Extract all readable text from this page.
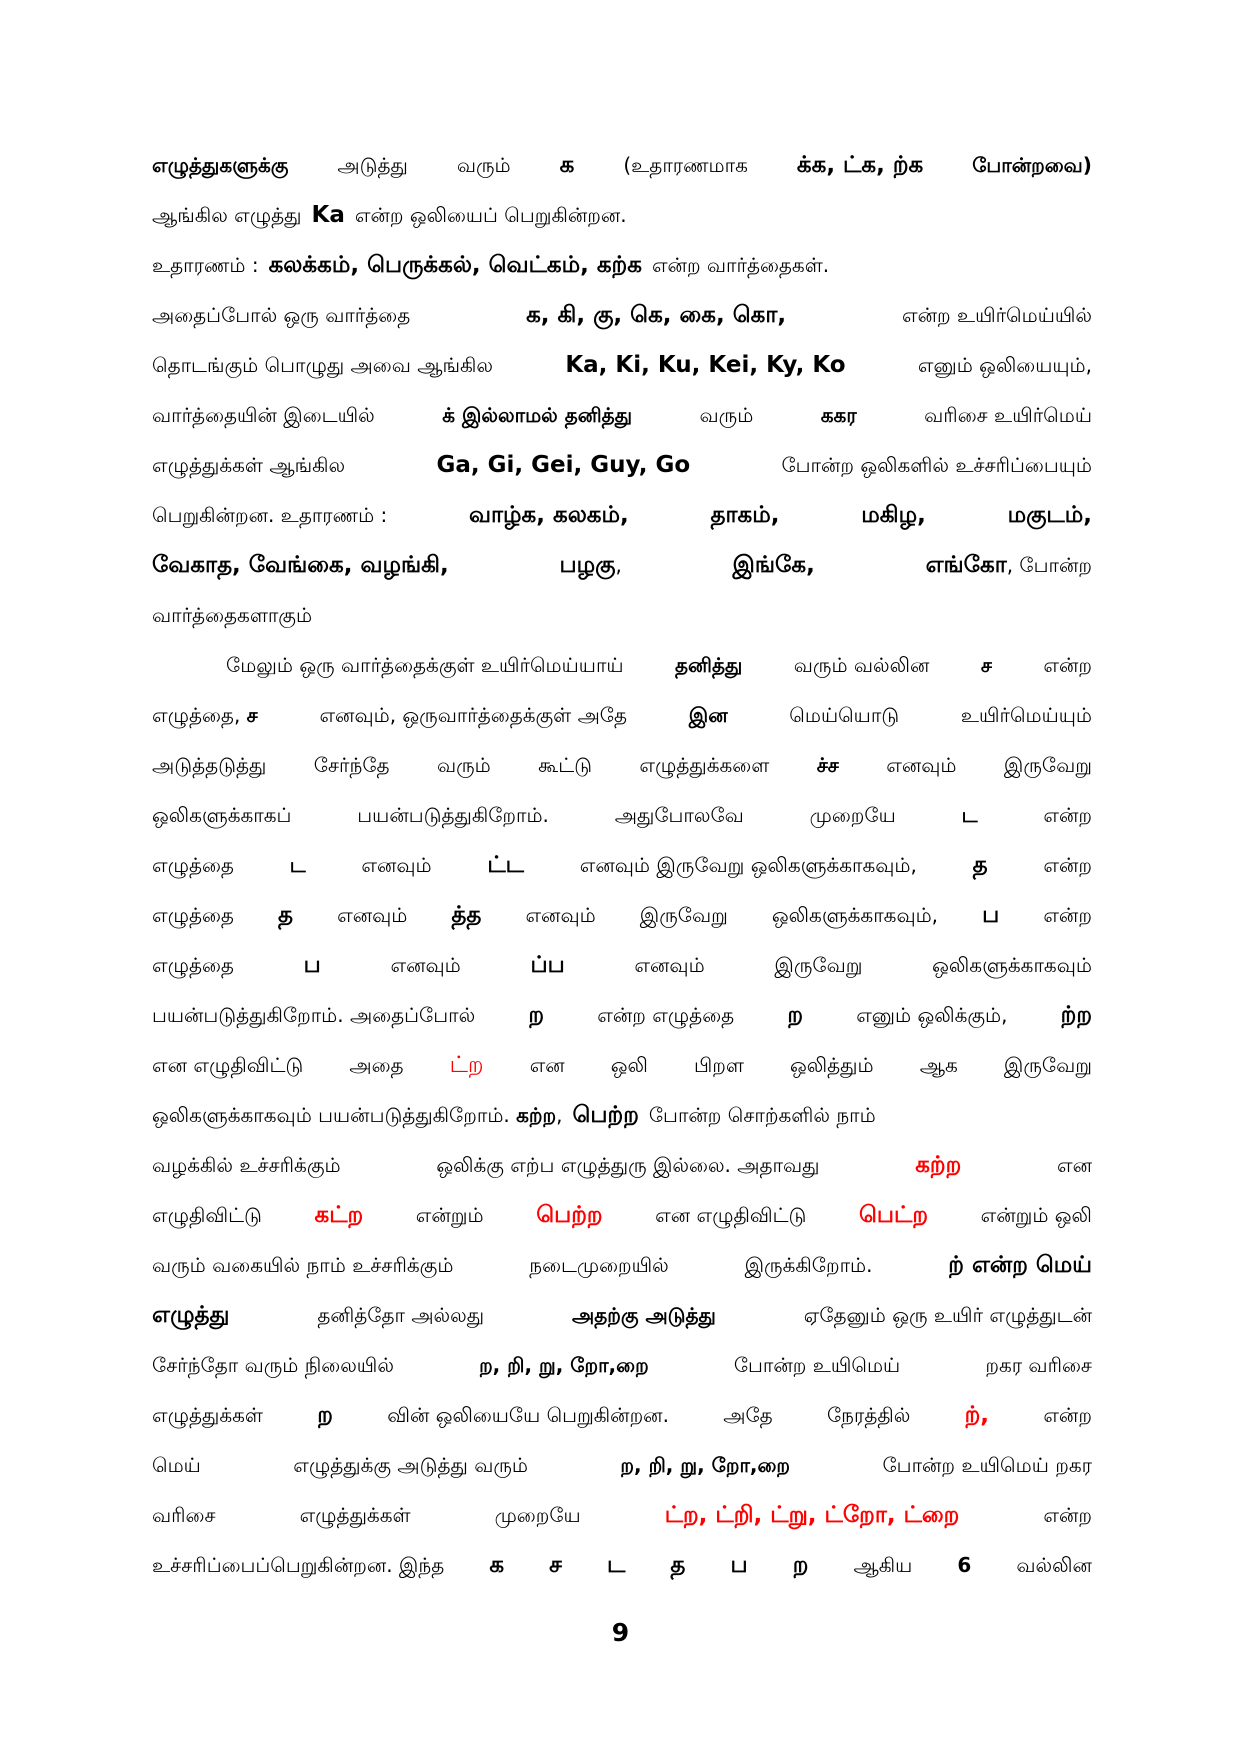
எழுத்துகளுக்கு அடுத்து வரும் க (உதாரணமாக க்க, ட்க, ற்க போன்றவை)
ஆங்கில எழுத்து Ka என்ற ஒலியைப் பெறுகின்றன.
உதாரணம் : கலக்கம், பெருக்கல், வெட்கம், கற்க என்ற வார்த்தைகள்.
அதைப்போல் ஒரு வார்த்தை	க, கி, கு, கெ, கை, கொ,	என்ற உயிர்மெய்யில்
தொடங்கும் பொழுது அவை ஆங்கில	Ka, Ki, Ku, Kei, Ky, Ko	எனும் ஒலியையும்,
வார்த்தையின் இடையில்	க் இல்லாமல் தனித்து	வரும்	ககர	வரிசை உயிர்மெய்
எழுத்துக்கள் ஆங்கில	Ga, Gi, Gei, Guy, Go	போன்ற ஒலிகளில் உச்சரிப்பையும்
பெறுகின்றன. உதாரணம் :	வாழ்க, கலகம்,	தாகம்,	மகிழ,	மகுடம்,
வேகாத, வேங்கை, வழங்கி,	பழகு,	இங்கே,	எங்கோ, போன்ற
வார்த்தைகளாகும்
மேலும் ஒரு வார்த்தைக்குள் உயிர்மெய்யாய்	தனித்து	வரும் வல்லின	ச	என்ற
எழுத்தை, ச	எனவும், ஒருவார்த்தைக்குள் அதே	இன	மெய்யொடு	உயிர்மெய்யும்
அடுத்தடுத்து சேர்ந்தே வரும் கூட்டு எழுத்துக்களை ச்ச எனவும் இருவேறு
ஒலிகளுக்காகப்	பயன்படுத்துகிறோம்.	அதுபோலவே	முறையே	ட	என்ற
எழுத்தை	ட	எனவும் ட்ட	எனவும் இருவேறு ஒலிகளுக்காகவும், த	என்ற
எழுத்தை த எனவும் த்த எனவும் இருவேறு ஒலிகளுக்காகவும், ப என்ற
எழுத்தை	ப	எனவும்	ப்ப	எனவும்	இருவேறு	ஒலிகளுக்காகவும்
பயன்படுத்துகிறோம். அதைப்போல் ற	என்ற எழுத்தை ற	எனும் ஒலிக்கும், ற்ற
என எழுதிவிட்டு அதை ட்ற என ஒலி பிறள ஒலித்தும் ஆக இருவேறு
ஒலிகளுக்காகவும் பயன்படுத்துகிறோம். கற்ற, பெற்ற போன்ற சொற்களில் நாம்
வழக்கில் உச்சரிக்கும்	ஒலிக்கு எற்ப எழுத்துரு இல்லை. அதாவது	கற்ற	என
எழுதிவிட்டு கட்ற	என்றும் பெற்ற	என எழுதிவிட்டு பெட்ற	என்றும் ஒலி
வரும் வகையில் நாம் உச்சரிக்கும்	நடைமுறையில்	இருக்கிறோம்.	ற் என்ற மெய்
எழுத்து	தனித்தோ அல்லது	அதற்கு அடுத்து	ஏதேனும் ஒரு உயிர் எழுத்துடன்
சேர்ந்தோ வரும் நிலையில்	ற, றி, று, றோ,றை	போன்ற உயிமெய்	றகர வரிசை
எழுத்துக்கள் ற	வின் ஒலியையே பெறுகின்றன.	அதே	நேரத்தில் ற்,	என்ற
மெய்	எழுத்துக்கு அடுத்து வரும்	ற, றி, று, றோ,றை	போன்ற உயிமெய் றகர
வரிசை	எழுத்துக்கள்	முறையே	ட்ற, ட்றி, ட்று, ட்றோ, ட்றை	என்ற
உச்சரிப்பைப்பெறுகின்றன. இந்த க ச ட த ப ற ஆகிய 6 வல்லின
9
